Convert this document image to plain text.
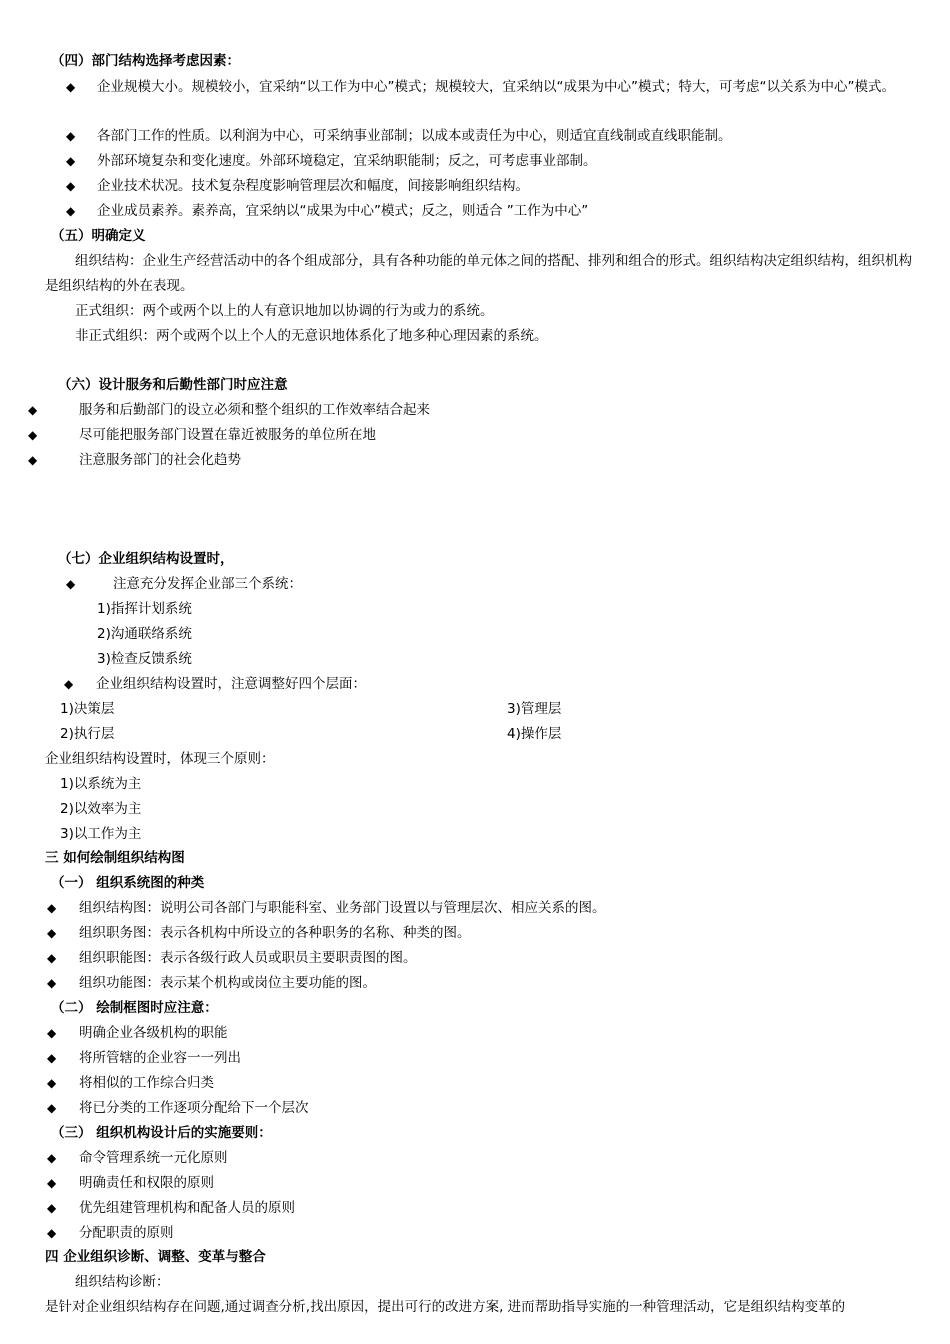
（四）部门结构选择考虑因素：
◆ 企业规模大小。规模较小，宜采纳“以工作为中心”模式；规模较大，宜采纳以“成果为中心”模式；特大，可考虑“以关系为中心”模式。
◆ 各部门工作的性质。以利润为中心，可采纳事业部制；以成本或责任为中心，则适宜直线制或直线职能制。
◆ 外部环境复杂和变化速度。外部环境稳定，宜采纳职能制；反之，可考虑事业部制。
◆ 企业技术状况。技术复杂程度影响管理层次和幅度，间接影响组织结构。
◆ 企业成员素养。素养高，宜采纳以“成果为中心”模式；反之，则适合 ”工作为中心”
（五）明确定义
组织结构：企业生产经营活动中的各个组成部分，具有各种功能的单元体之间的搭配、排列和组合的形式。组织结构决定组织结构，组织机构是组织结构的外在表现。
正式组织：两个或两个以上的人有意识地加以协调的行为或力的系统。
非正式组织：两个或两个以上个人的无意识地体系化了地多种心理因素的系统。
（六）设计服务和后勤性部门时应注意
◆	服务和后勤部门的设立必须和整个组织的工作效率结合起来
◆	尽可能把服务部门设置在靠近被服务的单位所在地
◆	注意服务部门的社会化趋势
（七）企业组织结构设置时，
◆	注意充分发挥企业部三个系统：
1)指挥计划系统
2)沟通联络系统
3)检查反馈系统
◆ 企业组织结构设置时，注意调整好四个层面：
1)决策层	3)管理层
2)执行层	4)操作层
企业组织结构设置时，体现三个原则：
1)以系统为主
2)以效率为主
3)以工作为主
三 如何绘制组织结构图
（一） 组织系统图的种类
◆ 组织结构图：说明公司各部门与职能科室、业务部门设置以与管理层次、相应关系的图。
◆ 组织职务图：表示各机构中所设立的各种职务的名称、种类的图。
◆ 组织职能图：表示各级行政人员或职员主要职责图的图。
◆ 组织功能图：表示某个机构或岗位主要功能的图。
（二） 绘制框图时应注意：
◆ 明确企业各级机构的职能
◆ 将所管辖的企业容一一列出
◆ 将相似的工作综合归类
◆ 将已分类的工作逐项分配给下一个层次
（三） 组织机构设计后的实施要则：
◆ 命令管理系统一元化原则
◆ 明确责任和权限的原则
◆ 优先组建管理机构和配备人员的原则
◆ 分配职责的原则
四 企业组织诊断、调整、变革与整合
组织结构诊断：
是针对企业组织结构存在问题,通过调查分析,找出原因，提出可行的改进方案, 进而帮助指导实施的一种管理活动，它是组织结构变革的
